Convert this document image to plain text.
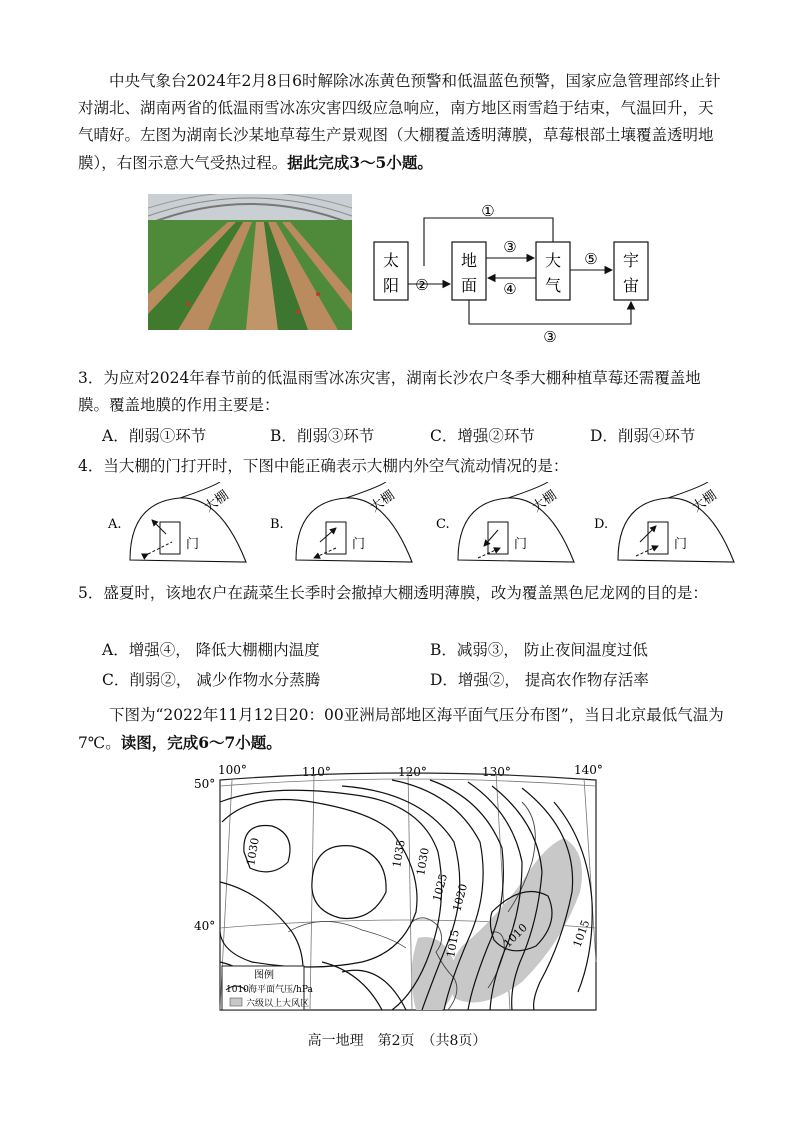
中央气象台2024年2月8日6时解除冰冻黄色预警和低温蓝色预警，国家应急管理部终止针对湖北、湖南两省的低温雨雪冰冻灾害四级应急响应，南方地区雨雪趋于结束，气温回升，天气晴好。左图为湖南长沙某地草莓生产景观图（大棚覆盖透明薄膜，草莓根部土壤覆盖透明地膜），右图示意大气受热过程。据此完成3～5小题。
太
阳
地
面
大
气
宇
宙
①
②
③
④
⑤
③
3．为应对2024年春节前的低温雨雪冰冻灾害，湖南长沙农户冬季大棚种植草莓还需覆盖地膜。覆盖地膜的作用主要是：
A．削弱①环节	B．削弱③环节	C．增强②环节	D．削弱④环节
4．当大棚的门打开时，下图中能正确表示大棚内外空气流动情况的是：
A.
大棚
门
B.
大棚
门
C.
大棚
门
D.
大棚
门
5．盛夏时，该地农户在蔬菜生长季时会撤掉大棚透明薄膜，改为覆盖黑色尼龙网的目的是：
A．增强④， 降低大棚棚内温度	B．减弱③， 防止夜间温度过低
C．削弱②， 减少作物水分蒸腾	D．增强②， 提高农作物存活率
下图为“2022年11月12日20：00亚洲局部地区海平面气压分布图”，当日北京最低气温为7℃。读图，完成6～7小题。
100°	110°	120°	130°	140°
50°
40°
1030	1035 1030
1025 1020
1015	1010	1015
图例
1010 海平面气压/hPa
六级以上大风区
高一地理　第2页　（共8页）
